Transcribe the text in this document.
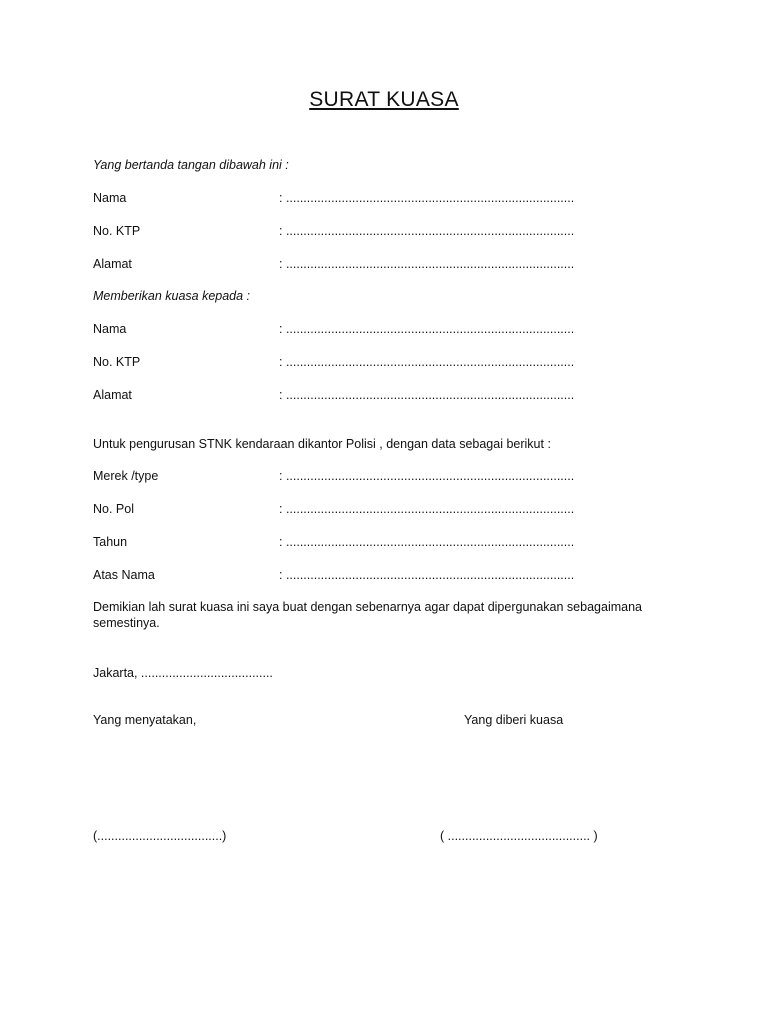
SURAT KUASA
Yang bertanda tangan dibawah ini :
Nama	: ...................................................................................
No. KTP	: ...................................................................................
Alamat	: ...................................................................................
Memberikan kuasa kepada :
Nama	: ...................................................................................
No. KTP	: ...................................................................................
Alamat	: ...................................................................................
Untuk pengurusan STNK kendaraan dikantor Polisi , dengan data sebagai berikut :
Merek /type	: ...................................................................................
No. Pol	: ...................................................................................
Tahun	: ...................................................................................
Atas Nama	: ...................................................................................
Demikian lah surat kuasa ini saya buat dengan sebenarnya agar dapat dipergunakan sebagaimana semestinya.
Jakarta, ......................................
Yang menyatakan,	Yang diberi kuasa
(....................................)	( ......................................... )
